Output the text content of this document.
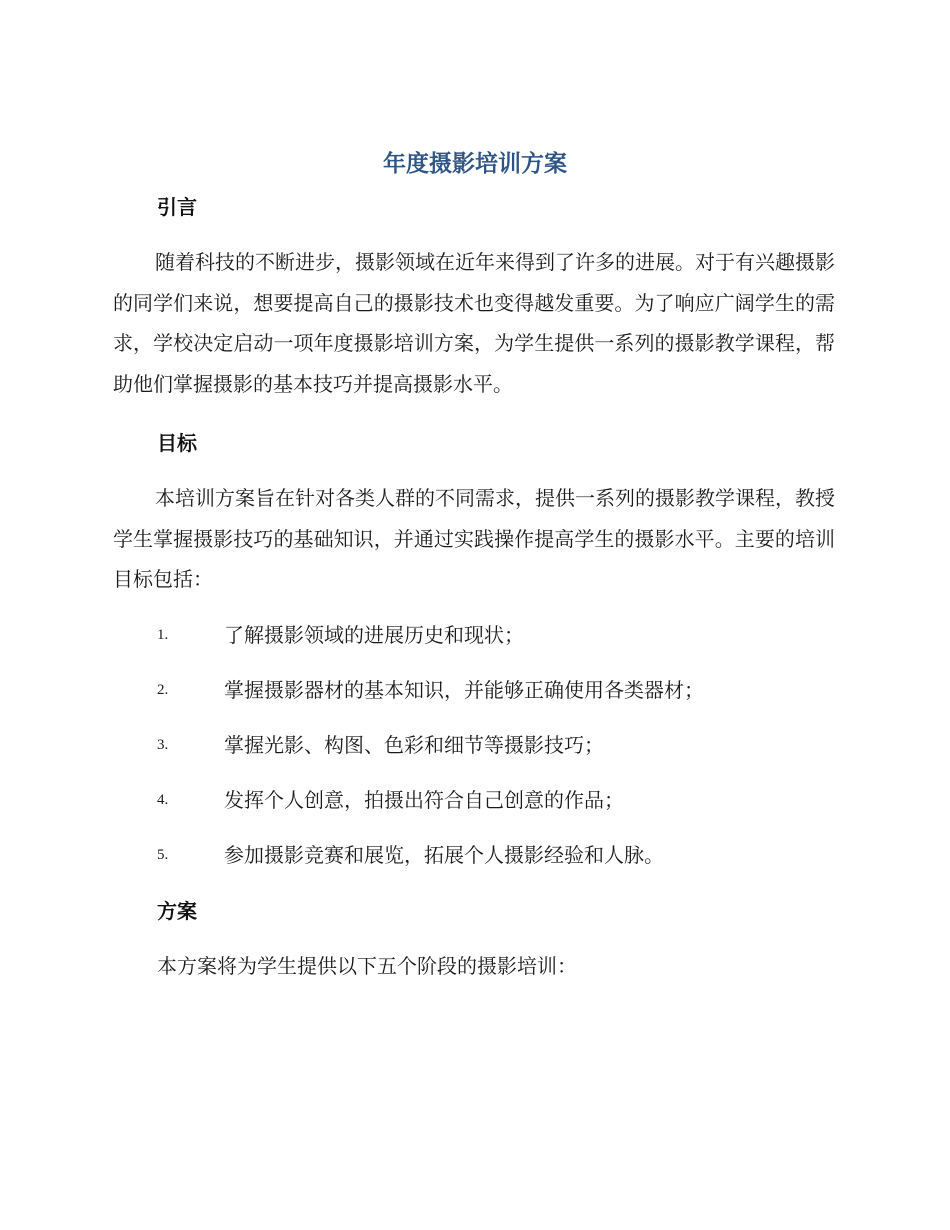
年度摄影培训方案
引言
随着科技的不断进步，摄影领域在近年来得到了许多的进展。对于有兴趣摄影的同学们来说，想要提高自己的摄影技术也变得越发重要。为了响应广阔学生的需求，学校决定启动一项年度摄影培训方案，为学生提供一系列的摄影教学课程，帮助他们掌握摄影的基本技巧并提高摄影水平。
目标
本培训方案旨在针对各类人群的不同需求，提供一系列的摄影教学课程，教授学生掌握摄影技巧的基础知识，并通过实践操作提高学生的摄影水平。主要的培训目标包括：
1.	了解摄影领域的进展历史和现状；
2.	掌握摄影器材的基本知识，并能够正确使用各类器材；
3.	掌握光影、构图、色彩和细节等摄影技巧；
4.	发挥个人创意，拍摄出符合自己创意的作品；
5.	参加摄影竞赛和展览，拓展个人摄影经验和人脉。
方案
本方案将为学生提供以下五个阶段的摄影培训：
